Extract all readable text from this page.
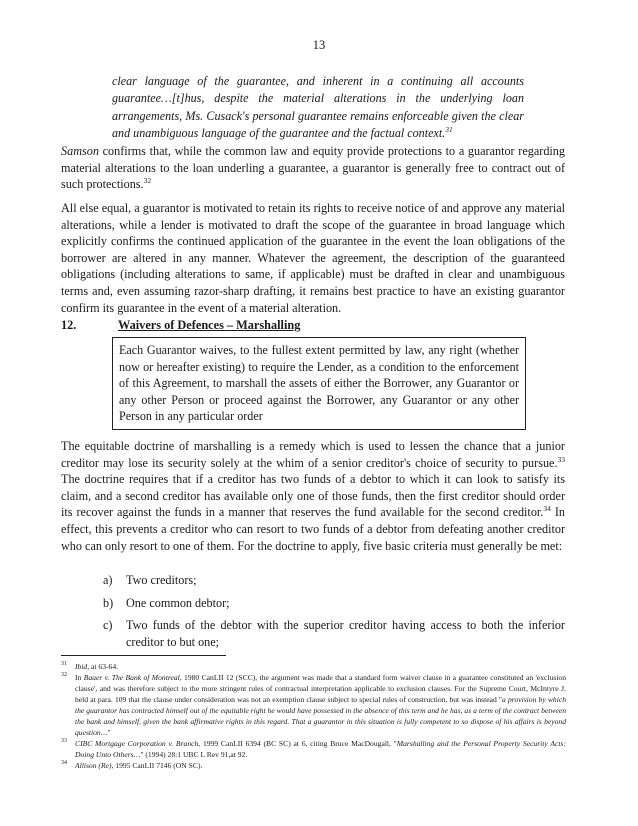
13
clear language of the guarantee, and inherent in a continuing all accounts guarantee…[t]hus, despite the material alterations in the underlying loan arrangements, Ms. Cusack's personal guarantee remains enforceable given the clear and unambiguous language of the guarantee and the factual context.$^{31}$
Samson confirms that, while the common law and equity provide protections to a guarantor regarding material alterations to the loan underling a guarantee, a guarantor is generally free to contract out of such protections.$^{32}$
All else equal, a guarantor is motivated to retain its rights to receive notice of and approve any material alterations, while a lender is motivated to draft the scope of the guarantee in broad language which explicitly confirms the continued application of the guarantee in the event the loan obligations of the borrower are altered in any manner. Whatever the agreement, the description of the guaranteed obligations (including alterations to same, if applicable) must be drafted in clear and unambiguous terms and, even assuming razor-sharp drafting, it remains best practice to have an existing guarantor confirm its guarantee in the event of a material alteration.
12.	Waivers of Defences – Marshalling
Each Guarantor waives, to the fullest extent permitted by law, any right (whether now or hereafter existing) to require the Lender, as a condition to the enforcement of this Agreement, to marshall the assets of either the Borrower, any Guarantor or any other Person or proceed against the Borrower, any Guarantor or any other Person in any particular order
The equitable doctrine of marshalling is a remedy which is used to lessen the chance that a junior creditor may lose its security solely at the whim of a senior creditor's choice of security to pursue.$^{33}$ The doctrine requires that if a creditor has two funds of a debtor to which it can look to satisfy its claim, and a second creditor has available only one of those funds, then the first creditor should order its recover against the funds in a manner that reserves the fund available for the second creditor.$^{34}$ In effect, this prevents a creditor who can resort to two funds of a debtor from defeating another creditor who can only resort to one of them. For the doctrine to apply, five basic criteria must generally be met:
a) Two creditors;
b) One common debtor;
c) Two funds of the debtor with the superior creditor having access to both the inferior creditor to but one;
31 Ibid, at 63-64.
32 In Bauer v. The Bank of Montreal, 1980 CanLII 12 (SCC), the argument was made that a standard form waiver clause in a guarantee constituted an 'exclusion clause', and was therefore subject to the more stringent rules of contractual interpretation applicable to exclusion clauses. For the Supreme Court, McIntyre J. held at para. 109 that the clause under consideration was not an exemption clause subject to special rules of construction, but was instead "a provision by which the guarantor has contracted himself out of the equitable right he would have possessed in the absence of this term and he has, as a term of the contract between the bank and himself, given the bank affirmative rights in this regard. That a guarantor in this situation is fully competent to so dispose of his affairs is beyond question…"
33 CIBC Mortgage Corporation v. Branch, 1999 CanLII 6394 (BC SC) at 6, citing Bruce MacDougall, "Marshalling and the Personal Property Security Acts: Doing Unto Others…" (1994) 28:1 UBC L Rev 91,at 92.
34 Allison (Re), 1995 CanLII 7146 (ON SC).
